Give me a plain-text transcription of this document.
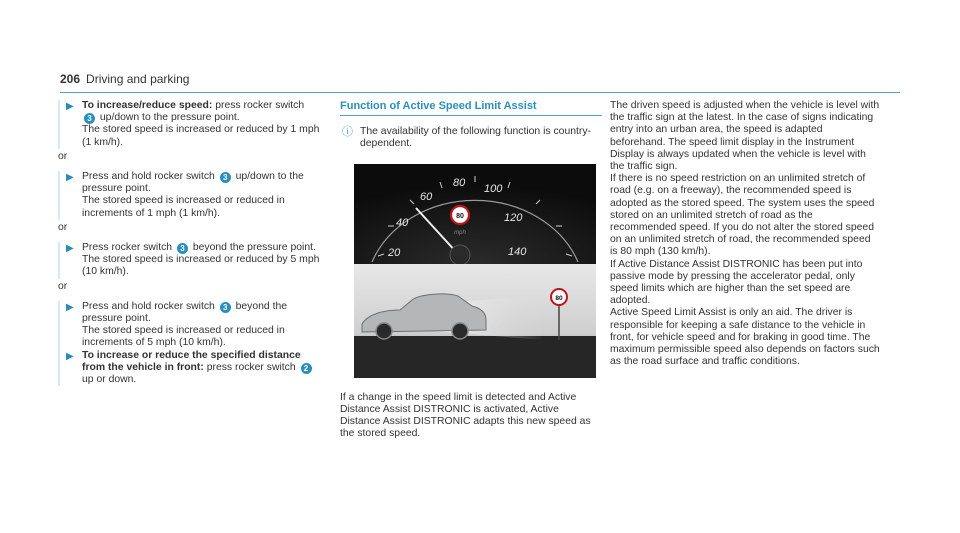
206 Driving and parking
▶ To increase/reduce speed: press rocker switch 3 up/down to the pressure point.

The stored speed is increased or reduced by 1 mph (1 km/h).

or
▶ Press and hold rocker switch 3 up/down to the pressure point.

The stored speed is increased or reduced in increments of 1 mph (1 km/h).

or
▶ Press rocker switch 3 beyond the pressure point.

The stored speed is increased or reduced by 5 mph (10 km/h).

or
▶ Press and hold rocker switch 3 beyond the pressure point.

The stored speed is increased or reduced in increments of 5 mph (10 km/h).

▶ To increase or reduce the specified distance from the vehicle in front: press rocker switch 2 up or down.

Function of Active Speed Limit Assist
ⓘ The availability of the following function is country-dependent.
20
40
60
80 100
120
140
80
mph
80

If a change in the speed limit is detected and Active Distance Assist DISTRONIC is activated, Active Distance Assist DISTRONIC adapts this new speed as the stored speed.

The driven speed is adjusted when the vehicle is level with the traffic sign at the latest. In the case of signs indicating entry into an urban area, the speed is adapted beforehand. The speed limit display in the Instrument Display is always updated when the vehicle is level with the traffic sign.

If there is no speed restriction on an unlimited stretch of road (e.g. on a freeway), the recommended speed is adopted as the stored speed. The system uses the speed stored on an unlimited stretch of road as the recommended speed. If you do not alter the stored speed on an unlimited stretch of road, the recommended speed is 80 mph (130 km/h).

If Active Distance Assist DISTRONIC has been put into passive mode by pressing the accelerator pedal, only speed limits which are higher than the set speed are adopted.

Active Speed Limit Assist is only an aid. The driver is responsible for keeping a safe distance to the vehicle in front, for vehicle speed and for braking in good time. The maximum permissible speed also depends on factors such as the road surface and traffic conditions.
